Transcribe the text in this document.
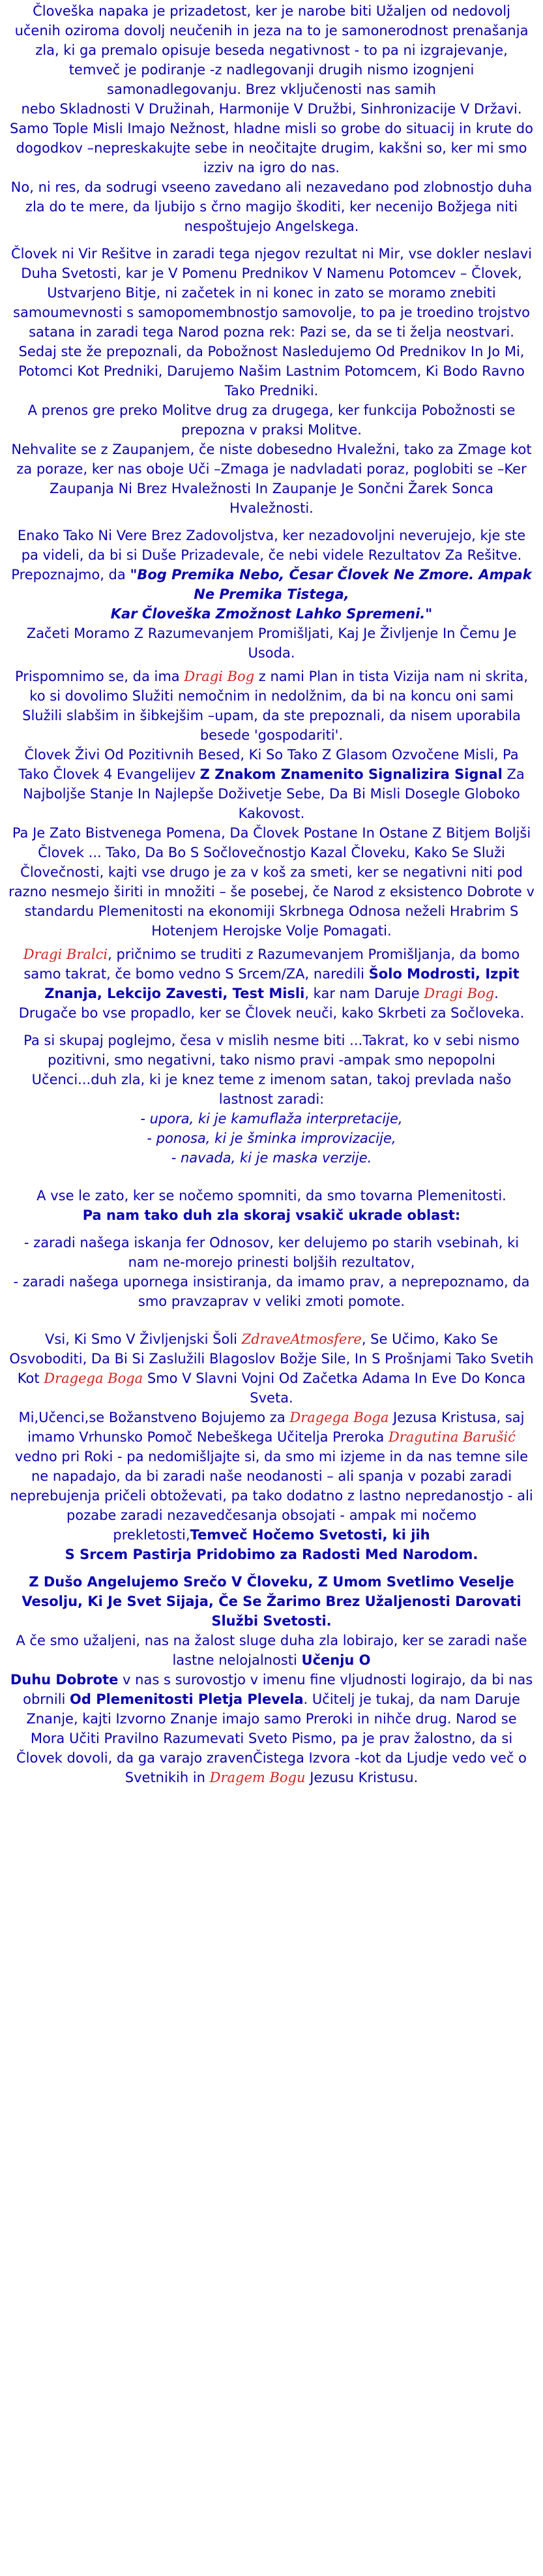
Človeška napaka je prizadetost, ker je narobe biti Užaljen od nedovolj učenih oziroma dovolj neučenih in jeza na to je samonerodnost prenašanja zla, ki ga premalo opisuje beseda negativnost - to pa ni izgrajevanje, temveč je podiranje -z nadlegovanji drugih nismo izognjeni samonadlegovanju. Brez vključenosti nas samih
nebo Skladnosti V Družinah, Harmonije V Družbi, Sinhronizacije V Državi.

Samo Tople Misli Imajo Nežnost, hladne misli so grobe do situacij in krute do dogodkov –nepreskakujte sebe in neočitajte drugim, kakšni so, ker mi smo izziv na igro do nas.

No, ni res, da sodrugi vseeno zavedano ali nezavedano pod zlobnostjo duha zla do te mere, da ljubijo s črno magijo škoditi, ker necenijo Božjega niti nespoštujejo Angelskega.

Človek ni Vir Rešitve in zaradi tega njegov rezultat ni Mir, vse dokler neslavi Duha Svetosti, kar je V Pomenu Prednikov V Namenu Potomcev – Človek, Ustvarjeno Bitje, ni začetek in ni konec in zato se moramo znebiti samoumevnosti s samopomembnostjo samovolje, to pa je troedino trojstvo satana in zaradi tega Narod pozna rek: Pazi se, da se ti želja neostvari.

Sedaj ste že prepoznali, da Pobožnost Nasledujemo Od Prednikov In Jo Mi, Potomci Kot Predniki, Darujemo Našim Lastnim Potomcem, Ki Bodo Ravno Tako Predniki.

A prenos gre preko Molitve drug za drugega, ker funkcija Pobožnosti se prepozna v praksi Molitve.

Nehvalite se z Zaupanjem, če niste dobesedno Hvaležni, tako za Zmage kot za poraze, ker nas oboje Uči –Zmaga je nadvladati poraz, poglobiti se –Ker Zaupanja Ni Brez Hvaležnosti In Zaupanje Je Sončni Žarek Sonca Hvaležnosti.

Enako Tako Ni Vere Brez Zadovoljstva, ker nezadovoljni neverujejo, kje ste pa videli, da bi si Duše Prizadevale, če nebi videle Rezultatov Za Rešitve.

Prepoznajmo, da "Bog Premika Nebo, Česar Človek Ne Zmore. Ampak Ne Premika Tistega,
Kar Človeška Zmožnost Lahko Spremeni."

Začeti Moramo Z Razumevanjem Promišljati, Kaj Je Življenje In Čemu Je Usoda.

Prispomnimo se, da ima Dragi Bog z nami Plan in tista Vizija nam ni skrita, ko si dovolimo Služiti nemočnim in nedolžnim, da bi na koncu oni sami Služili slabšim in šibkejšim –upam, da ste prepoznali, da nisem uporabila besede 'gospodariti'.

Človek Živi Od Pozitivnih Besed, Ki So Tako Z Glasom Ozvočene Misli, Pa Tako Človek 4 Evangelijev Z Znakom Znamenito Signalizira Signal Za Najboljše Stanje In Najlepše Doživetje Sebe, Da Bi Misli Dosegle Globoko Kakovost.

Pa Je Zato Bistvenega Pomena, Da Človek Postane In Ostane Z Bitjem Boljši Človek ... Tako, Da Bo S Sočlovečnostjo Kazal Človeku, Kako Se Služi Človečnosti, kajti vse drugo je za v koš za smeti, ker se negativni niti pod razno nesmejo širiti in množiti – še posebej, če Narod z eksistenco Dobrote v standardu Plemenitosti na ekonomiji Skrbnega Odnosa neželi Hrabrim S Hotenjem Herojske Volje Pomagati.

Dragi Bralci, pričnimo se truditi z Razumevanjem Promišljanja, da bomo samo takrat, če bomo vedno S Srcem/ZA, naredili Šolo Modrosti, Izpit Znanja, Lekcijo Zavesti, Test Misli, kar nam Daruje Dragi Bog.

Drugače bo vse propadlo, ker se Človek neuči, kako Skrbeti za Sočloveka.

Pa si skupaj poglejmo, česa v mislih nesme biti ...Takrat, ko v sebi nismo pozitivni, smo negativni, tako nismo pravi -ampak smo nepopolni Učenci...duh zla, ki je knez teme z imenom satan, takoj prevlada našo lastnost zaradi:

- upora, ki je kamuflaža interpretacije,

- ponosa, ki je šminka improvizacije,

- navada, ki je maska verzije.

A vse le zato, ker se nočemo spomniti, da smo tovarna Plemenitosti.

Pa nam tako duh zla skoraj vsakič ukrade oblast:

- zaradi našega iskanja fer Odnosov, ker delujemo po starih vsebinah, ki nam ne-morejo prinesti boljših rezultatov,

- zaradi našega upornega insistiranja, da imamo prav, a neprepoznamo, da smo pravzaprav v veliki zmoti pomote.

Vsi, Ki Smo V Življenjski Šoli ZdraveAtmosfere, Se Učimo, Kako Se Osvoboditi, Da Bi Si Zaslužili Blagoslov Božje Sile, In S Prošnjami Tako Svetih
Kot Dragega Boga Smo V Slavni Vojni Od Začetka Adama In Eve Do Konca Sveta.

Mi,Učenci,se Božanstveno Bojujemo za Dragega Boga Jezusa Kristusa, saj imamo Vrhunsko Pomoč Nebeškega Učitelja Preroka Dragutina Barušić vedno pri Roki - pa nedomišljajte si, da smo mi izjeme in da nas temne sile ne napadajo, da bi zaradi naše neodanosti – ali spanja v pozabi zaradi neprebujenja pričeli obtoževati, pa tako dodatno z lastno nepredanostjo - ali pozabe zaradi nezavedčesanja obsojati - ampak mi nočemo prekletosti,Temveč Hočemo Svetosti, ki jih
S Srcem Pastirja Pridobimo za Radosti Med Narodom.

Z Dušo Angelujemo Srečo V Človeku, Z Umom Svetlimo Veselje Vesolju, Ki Je Svet Sijaja, Če Se Žarimo Brez Užaljenosti Darovati Službi Svetosti.

A če smo užaljeni, nas na žalost sluge duha zla lobirajo, ker se zaradi naše lastne nelojalnosti Učenju O
Duhu Dobrote v nas s surovostjo v imenu fine vljudnosti logirajo, da bi nas obrnili Od Plemenitosti Pletja Plevela. Učitelj je tukaj, da nam Daruje Znanje, kajti Izvorno Znanje imajo samo Preroki in nihče drug. Narod se Mora Učiti Pravilno Razumevati Sveto Pismo, pa je prav žalostno, da si Človek dovoli, da ga varajo zravenČistega Izvora -kot da Ljudje vedo več o Svetnikih in Dragem Bogu Jezusu Kristusu.
